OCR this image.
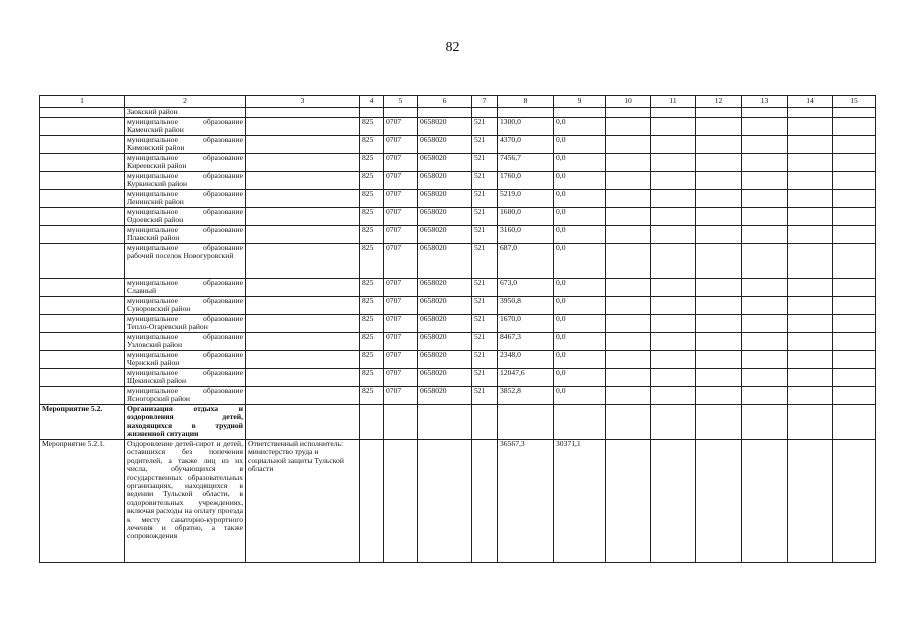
82
1	2	3	4	5	6	7	8	9	10	11	12	13	14	15
	Заокский район													
	муниципальное образование Каменский район		825	0707	0658020	521	1300,0	0,0						
	муниципальное образование Кимовский район		825	0707	0658020	521	4370,0	0,0						
	муниципальное образование Киреевский район		825	0707	0658020	521	7456,7	0,0						
	муниципальное образование Куркинский район		825	0707	0658020	521	1760,0	0,0						
	муниципальное образование Ленинский район		825	0707	0658020	521	5219,0	0,0						
	муниципальное образование Одоевский район		825	0707	0658020	521	1600,0	0,0						
	муниципальное образование Плавский район		825	0707	0658020	521	3160,0	0,0						
	муниципальное образование рабочий поселок Новогуровский		825	0707	0658020	521	687,0	0,0						
	муниципальное образование Славный		825	0707	0658020	521	673,0	0,0						
	муниципальное образование Суворовский район		825	0707	0658020	521	3950,8	0,0						
	муниципальное образование Тепло-Огаревский район		825	0707	0658020	521	1670,0	0,0						
	муниципальное образование Узловский район		825	0707	0658020	521	8467,3	0,0						
	муниципальное образование Чернский район		825	0707	0658020	521	2348,0	0,0						
	муниципальное образование Щекинский район		825	0707	0658020	521	12047,6	0,0						
	муниципальное образование Ясногорский район		825	0707	0658020	521	3852,8	0,0						
Мероприятие 5.2.	Организация отдыха и оздоровления детей, находящихся в трудной жизненной ситуации													
Мероприятие 5.2.1.	Оздоровление детей-сирот и детей, оставшихся без попечения родителей, а также лиц из их числа, обучающихся в государственных образовательных организациях, находящихся в ведении Тульской области, в оздоровительных учреждениях, включая расходы на оплату проезда к месту санаторно-курортного лечения и обратно, а также сопровождения	Ответственный исполнитель: министерство труда и социальной защиты Тульской области					36567,3	30371,1						
